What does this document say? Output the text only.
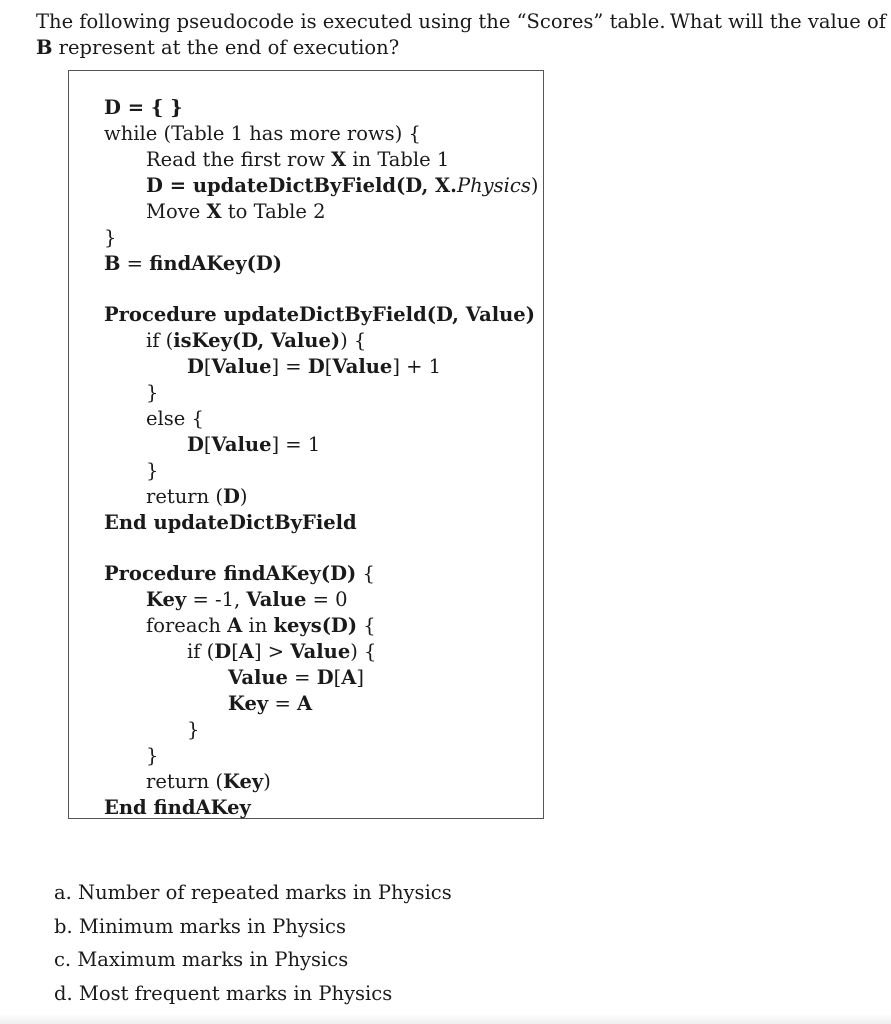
The following pseudocode is executed using the “Scores” table. What will the value of
B represent at the end of execution?
D = { }
while (Table 1 has more rows) {
Read the first row X in Table 1
D = updateDictByField(D, X.Physics)
Move X to Table 2
}
B = findAKey(D)
Procedure updateDictByField(D, Value)
if (isKey(D, Value)) {
D[Value] = D[Value] + 1
}
else {
D[Value] = 1
}
return (D)
End updateDictByField
Procedure findAKey(D) {
Key = -1, Value = 0
foreach A in keys(D) {
if (D[A] > Value) {
Value = D[A]
Key = A
}
}
return (Key)
End findAKey
a. Number of repeated marks in Physics
b. Minimum marks in Physics
c. Maximum marks in Physics
d. Most frequent marks in Physics
